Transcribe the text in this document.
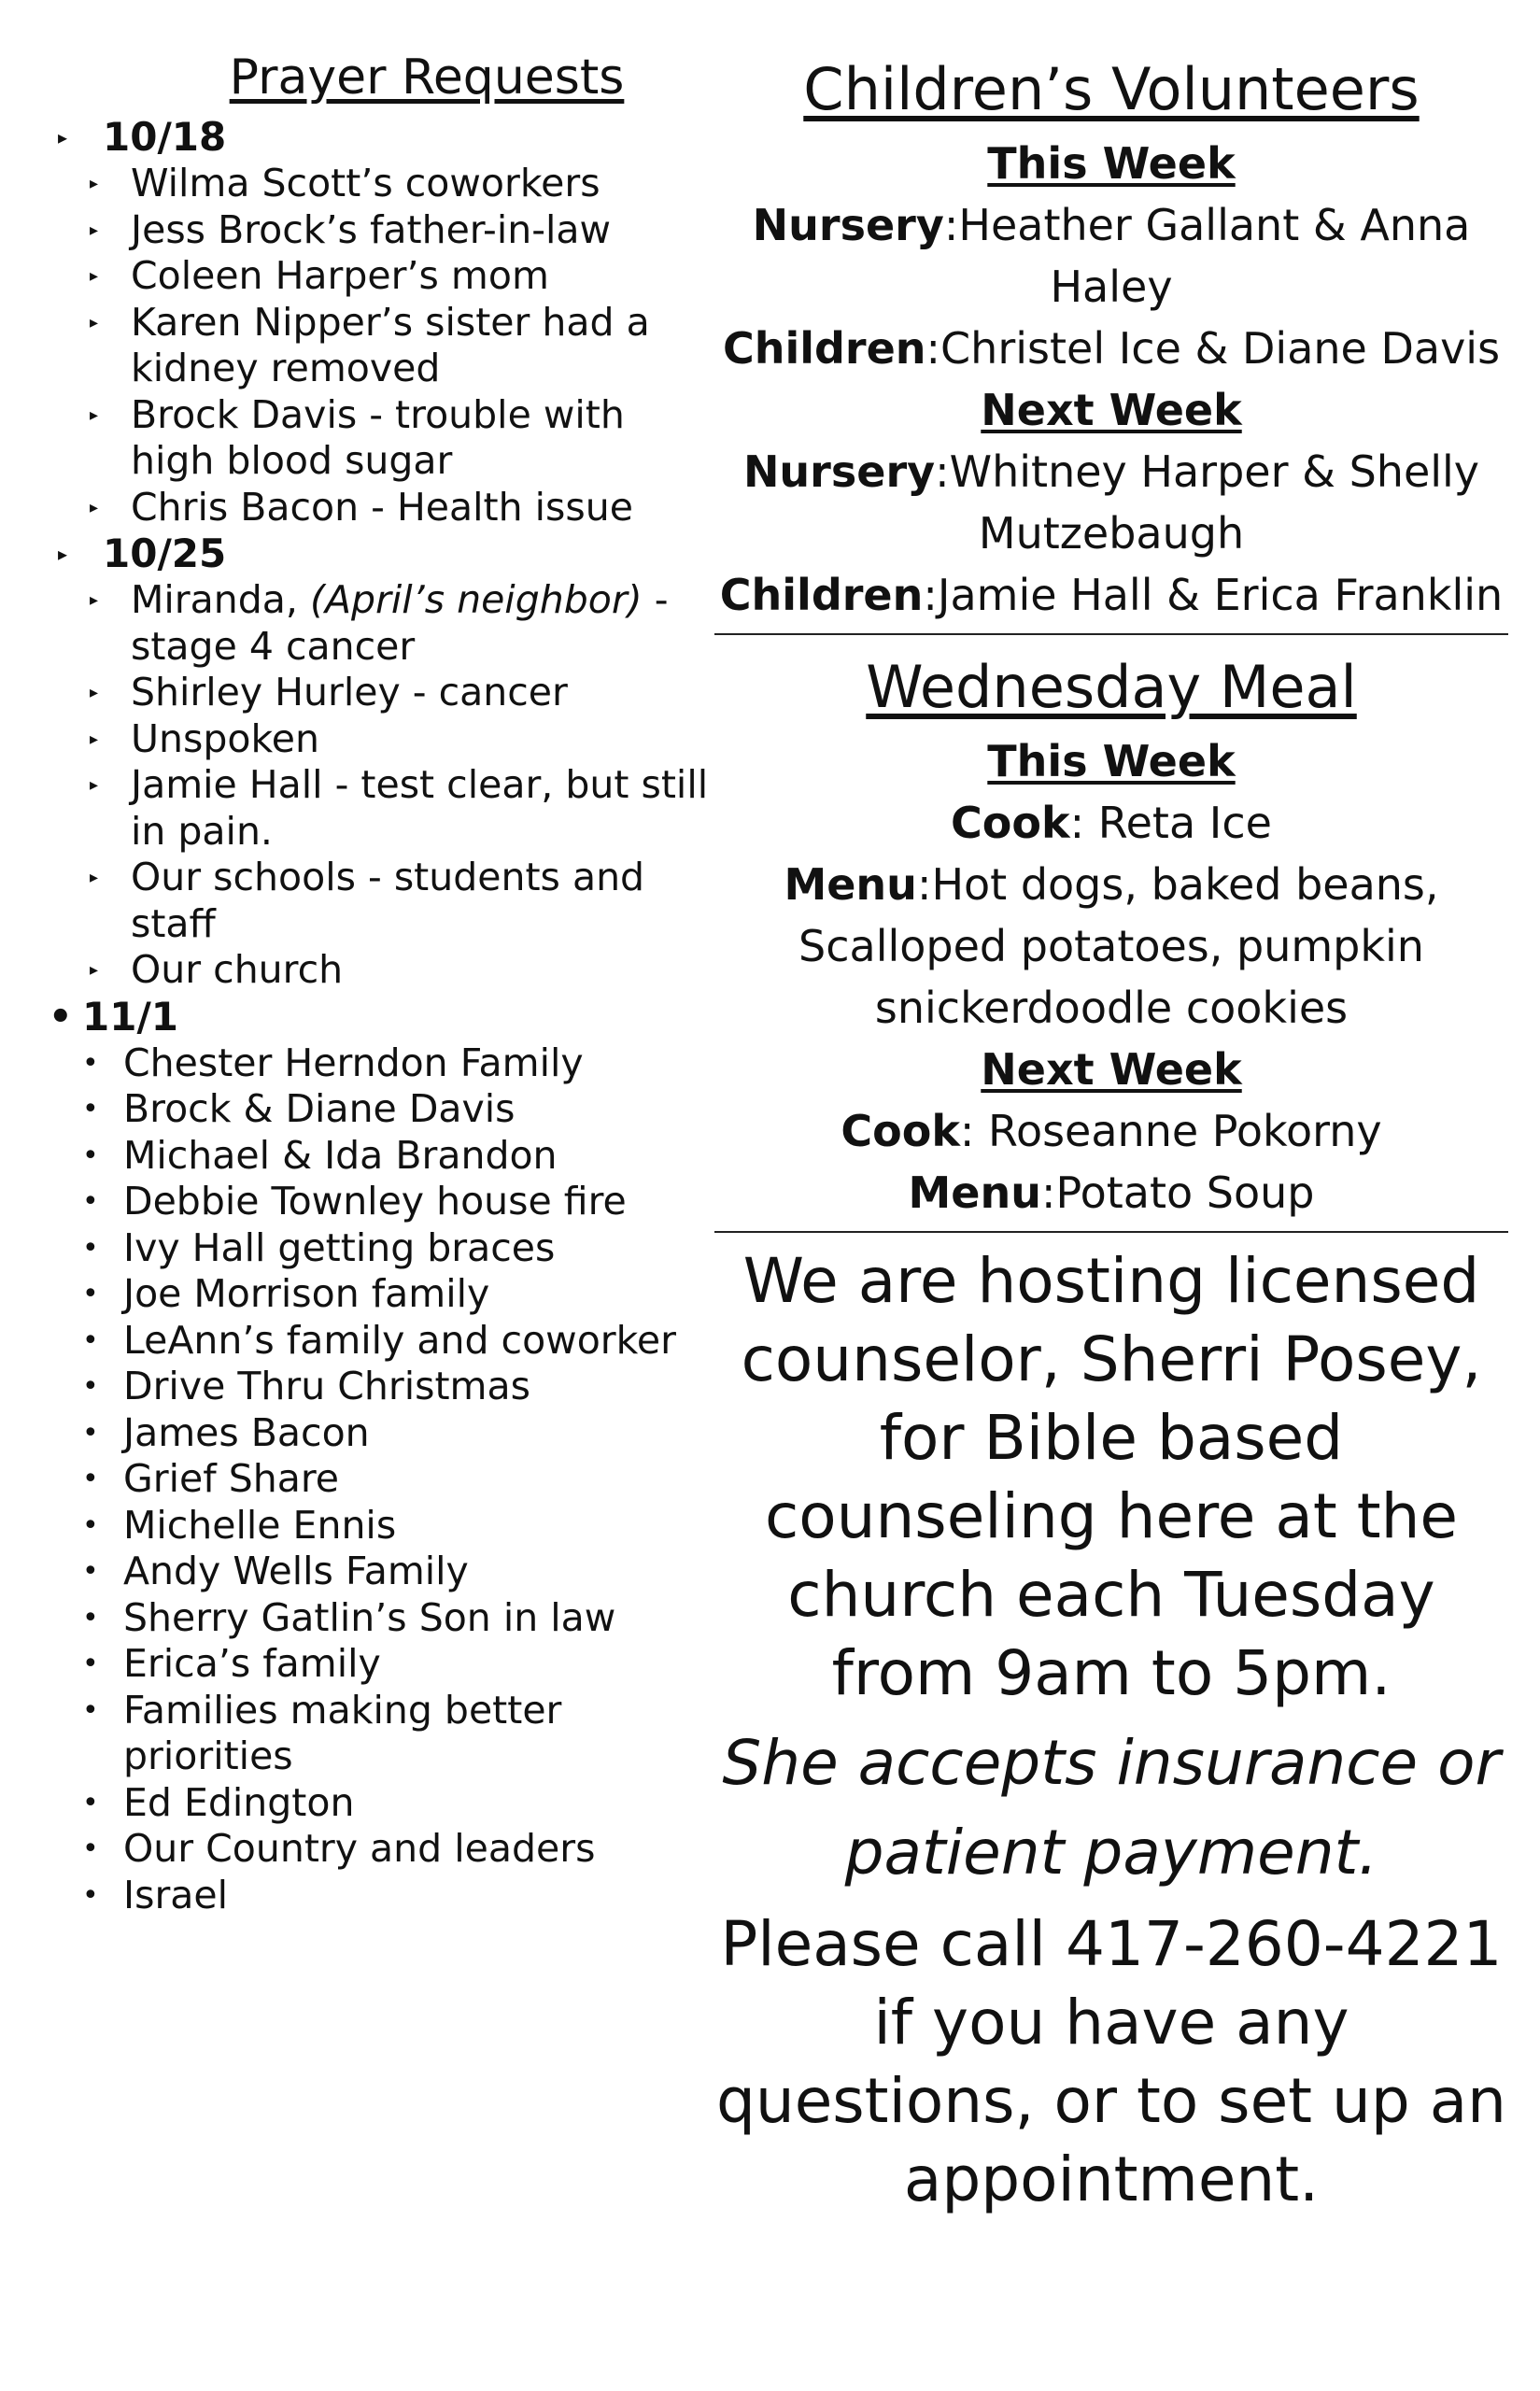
Prayer Requests
▸ 10/18
▸ Wilma Scott’s coworkers
▸ Jess Brock’s father-in-law
▸ Coleen Harper’s mom
▸ Karen Nipper’s sister had a kidney removed
▸ Brock Davis - trouble with high blood sugar
▸ Chris Bacon - Health issue
▸ 10/25
▸ Miranda, (April’s neighbor) - stage 4 cancer
▸ Shirley Hurley - cancer
▸ Unspoken
▸ Jamie Hall - test clear, but still in pain.
▸ Our schools - students and staff
▸ Our church
• 11/1
• Chester Herndon Family
• Brock & Diane Davis
• Michael & Ida Brandon
• Debbie Townley house fire
• Ivy Hall getting braces
• Joe Morrison family
• LeAnn’s family and coworker
• Drive Thru Christmas
• James Bacon
• Grief Share
• Michelle Ennis
• Andy Wells Family
• Sherry Gatlin’s Son in law
• Erica’s family
• Families making better priorities
• Ed Edington
• Our Country and leaders
• Israel
Children’s Volunteers
This Week
Nursery:Heather Gallant & Anna Haley
Children:Christel Ice & Diane Davis
Next Week
Nursery:Whitney Harper & Shelly Mutzebaugh
Children:Jamie Hall & Erica Franklin
Wednesday Meal
This Week
Cook: Reta Ice
Menu:Hot dogs, baked beans, Scalloped potatoes, pumpkin snickerdoodle cookies
Next Week
Cook: Roseanne Pokorny
Menu:Potato Soup
We are hosting licensed counselor, Sherri Posey, for Bible based counseling here at the church each Tuesday from 9am to 5pm.
She accepts insurance or patient payment.
Please call 417-260-4221 if you have any questions, or to set up an appointment.
